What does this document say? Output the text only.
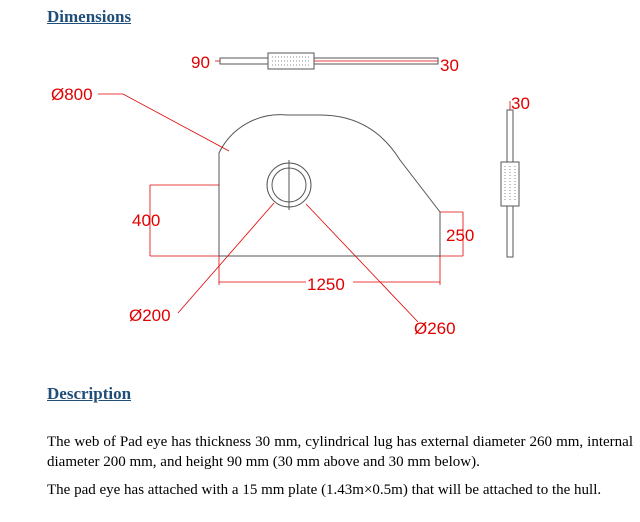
Dimensions
90	30
30
Ø800
400
250
1250
Ø200
Ø260
Description

The web of Pad eye has thickness 30 mm, cylindrical lug has external diameter 260 mm, internal diameter 200 mm, and height 90 mm (30 mm above and 30 mm below).

The pad eye has attached with a 15 mm plate (1.43m×0.5m) that will be attached to the hull.
